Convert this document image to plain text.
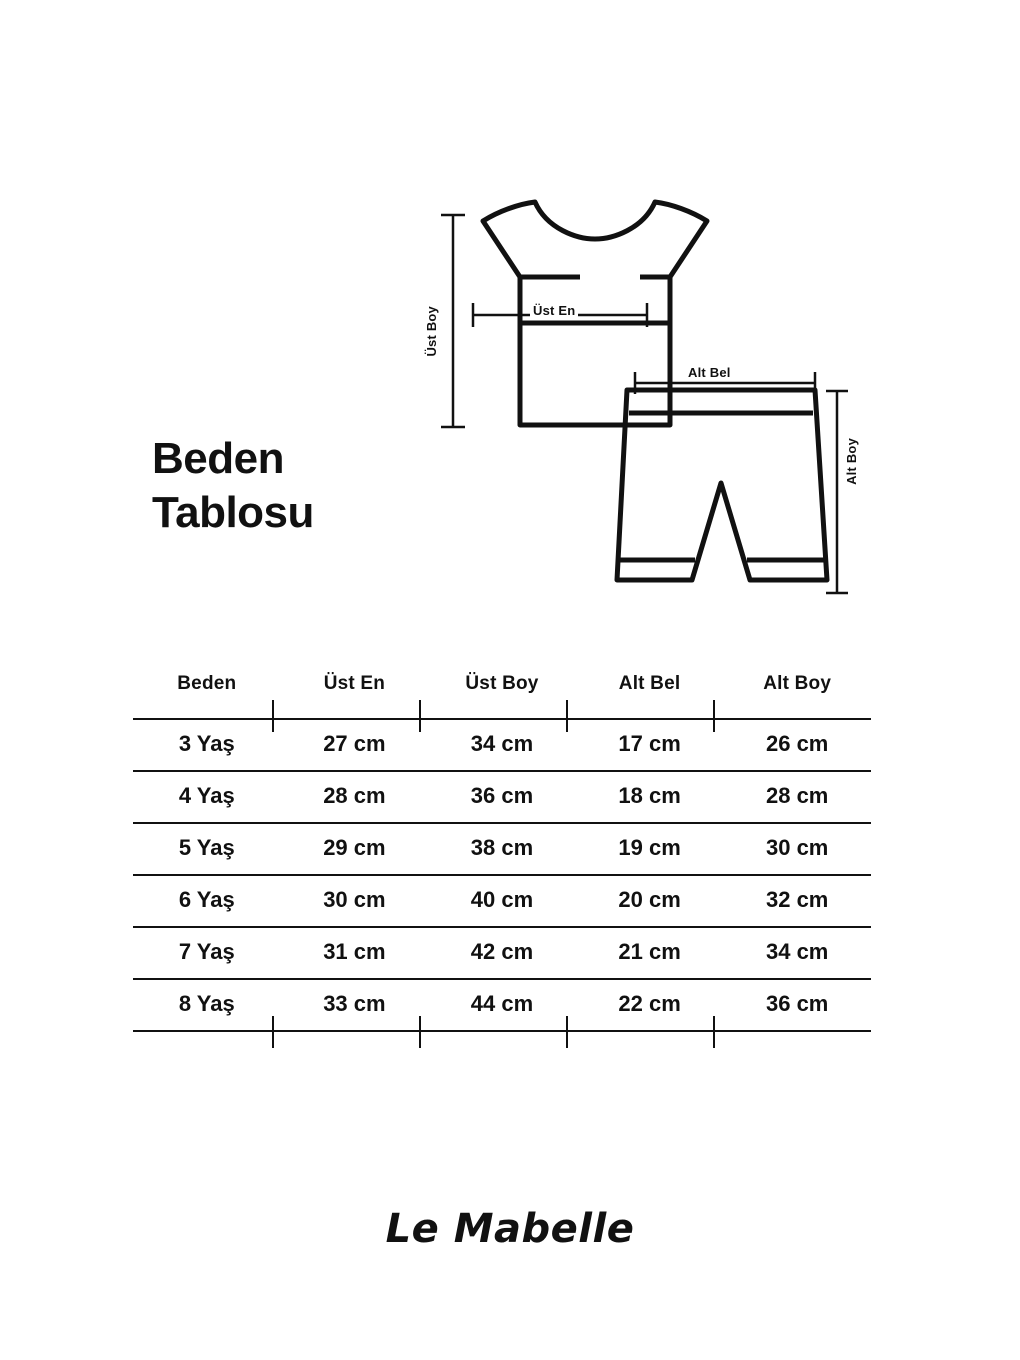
Beden
Tablosu
Üst En
Üst Boy
Alt Bel
Alt Boy
Beden	Üst En	Üst Boy	Alt Bel	Alt Boy
3 Yaş	27 cm	34 cm	17 cm	26 cm
4 Yaş	28 cm	36 cm	18 cm	28 cm
5 Yaş	29 cm	38 cm	19 cm	30 cm
6 Yaş	30 cm	40 cm	20 cm	32 cm
7 Yaş	31 cm	42 cm	21 cm	34 cm
8 Yaş	33 cm	44 cm	22 cm	36 cm
Le Mabelle
